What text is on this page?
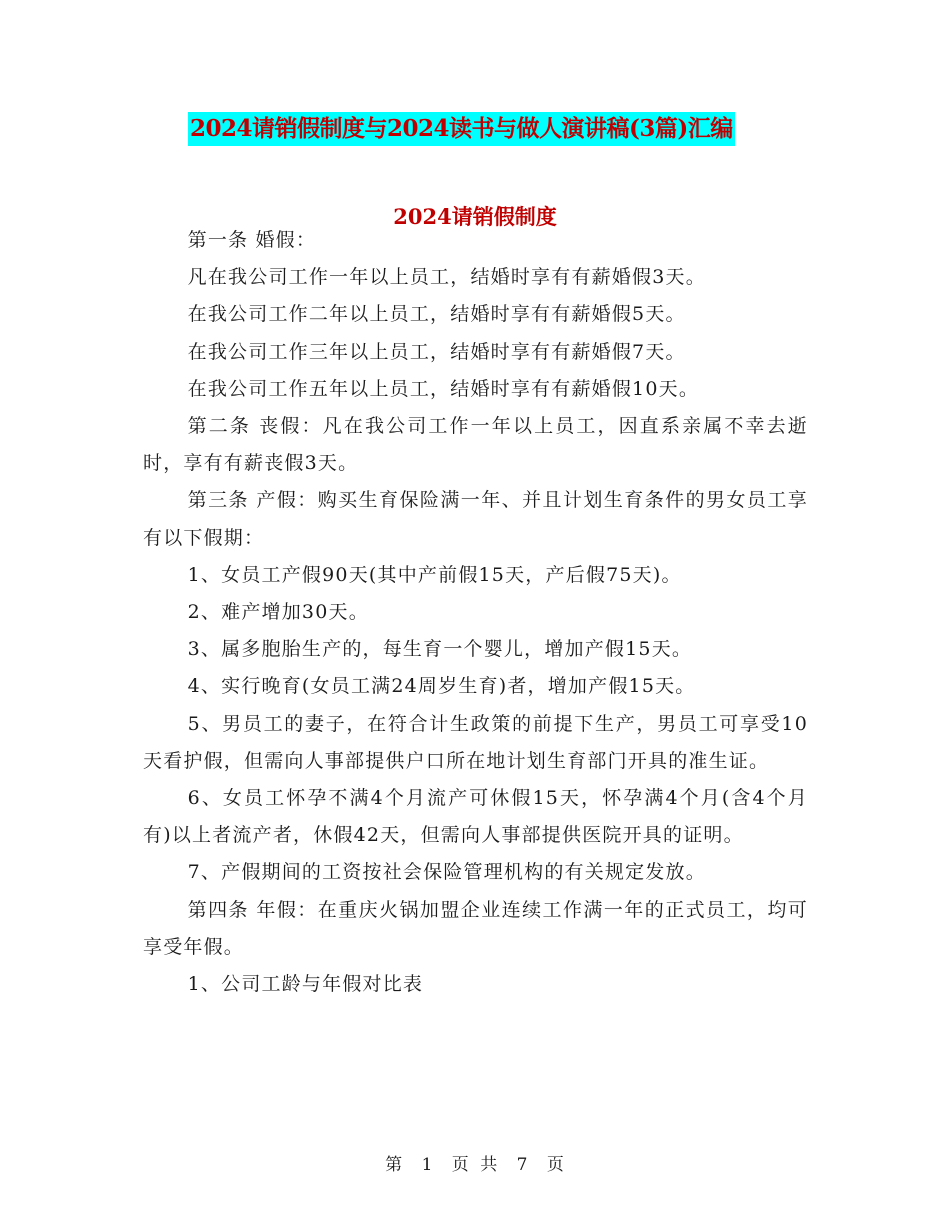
2024请销假制度与2024读书与做人演讲稿(3篇)汇编
2024请销假制度

第一条 婚假：

凡在我公司工作一年以上员工，结婚时享有有薪婚假3天。

在我公司工作二年以上员工，结婚时享有有薪婚假5天。

在我公司工作三年以上员工，结婚时享有有薪婚假7天。

在我公司工作五年以上员工，结婚时享有有薪婚假10天。

第二条 丧假：凡在我公司工作一年以上员工，因直系亲属不幸去逝时，享有有薪丧假3天。

第三条 产假：购买生育保险满一年、并且计划生育条件的男女员工享有以下假期：

1、女员工产假90天(其中产前假15天，产后假75天)。

2、难产增加30天。

3、属多胞胎生产的，每生育一个婴儿，增加产假15天。

4、实行晚育(女员工满24周岁生育)者，增加产假15天。

5、男员工的妻子，在符合计生政策的前提下生产，男员工可享受10天看护假，但需向人事部提供户口所在地计划生育部门开具的准生证。

6、女员工怀孕不满4个月流产可休假15天，怀孕满4个月(含4个月有)以上者流产者，休假42天，但需向人事部提供医院开具的证明。

7、产假期间的工资按社会保险管理机构的有关规定发放。

第四条 年假：在重庆火锅加盟企业连续工作满一年的正式员工，均可享受年假。

1、公司工龄与年假对比表

第 1 页 共 7 页
